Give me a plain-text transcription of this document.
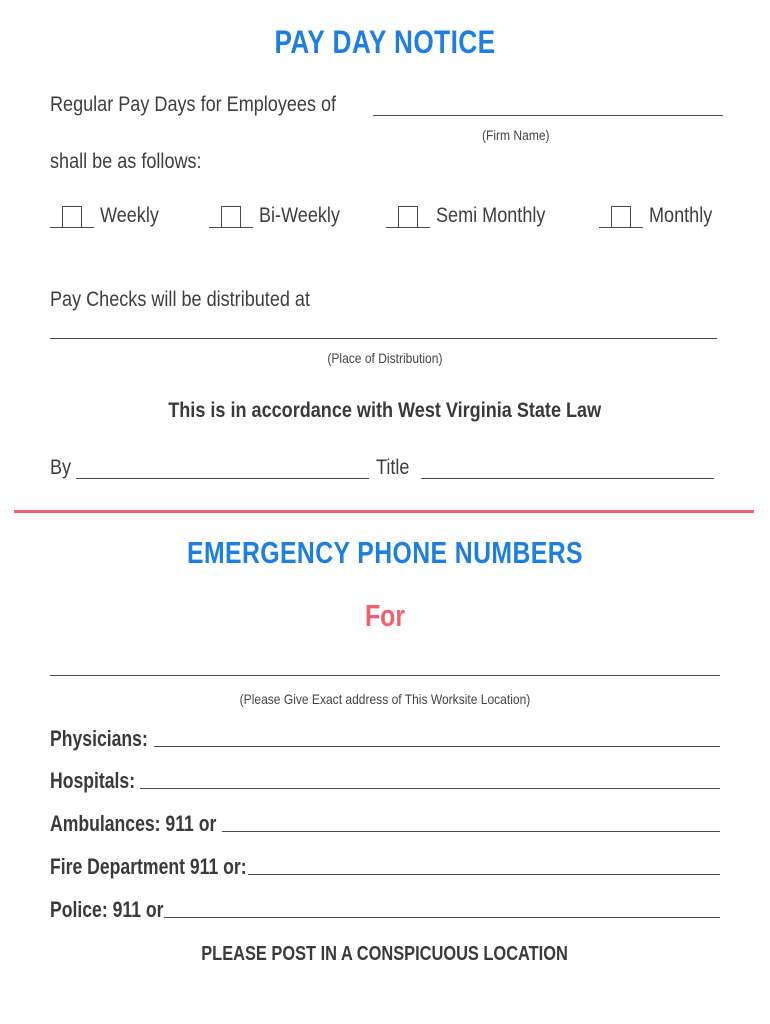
PAY DAY NOTICE
Regular Pay Days for Employees of
(Firm Name)
shall be as follows:
Weekly	Bi-Weekly	Semi Monthly	Monthly
Pay Checks will be distributed at
(Place of Distribution)
This is in accordance with West Virginia State Law
By	Title
EMERGENCY PHONE NUMBERS
For
(Please Give Exact address of This Worksite Location)
Physicians:
Hospitals:
Ambulances: 911 or
Fire Department 911 or:
Police: 911 or
PLEASE POST IN A CONSPICUOUS LOCATION
